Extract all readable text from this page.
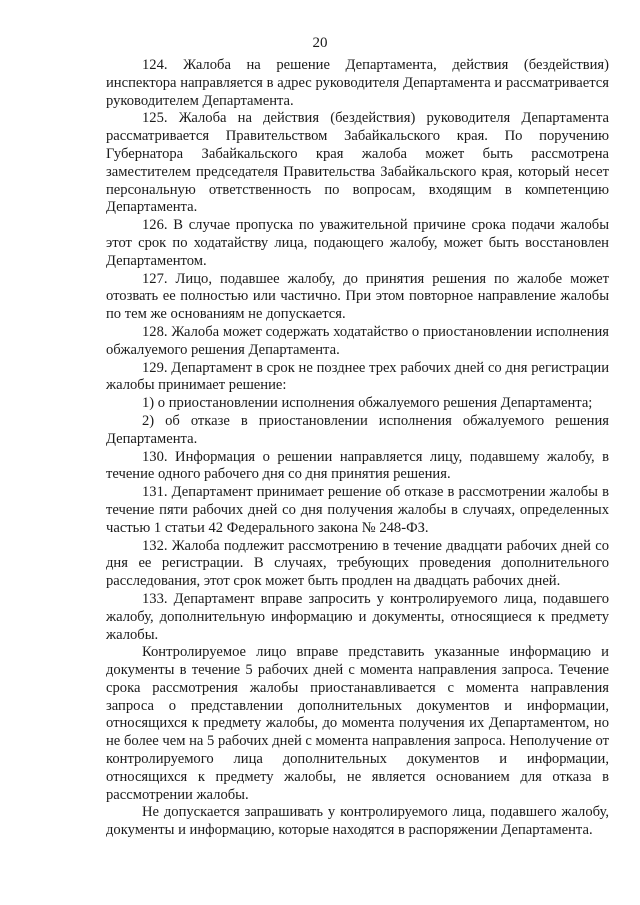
20

124. Жалоба на решение Департамента, действия (бездействия) инспектора направляется в адрес руководителя Департамента и рассматривается руководителем Департамента.

125. Жалоба на действия (бездействия) руководителя Департамента рассматривается Правительством Забайкальского края. По поручению Губернатора Забайкальского края жалоба может быть рассмотрена заместителем председателя Правительства Забайкальского края, который несет персональную ответственность по вопросам, входящим в компетенцию Департамента.

126. В случае пропуска по уважительной причине срока подачи жалобы этот срок по ходатайству лица, подающего жалобу, может быть восстановлен Департаментом.

127. Лицо, подавшее жалобу, до принятия решения по жалобе может отозвать ее полностью или частично. При этом повторное направление жалобы по тем же основаниям не допускается.

128. Жалоба может содержать ходатайство о приостановлении исполнения обжалуемого решения Департамента.

129. Департамент в срок не позднее трех рабочих дней со дня регистрации жалобы принимает решение:

1) о приостановлении исполнения обжалуемого решения Департамента;

2) об отказе в приостановлении исполнения обжалуемого решения Департамента.

130. Информация о решении направляется лицу, подавшему жалобу, в течение одного рабочего дня со дня принятия решения.

131. Департамент принимает решение об отказе в рассмотрении жалобы в течение пяти рабочих дней со дня получения жалобы в случаях, определенных частью 1 статьи 42 Федерального закона № 248-ФЗ.

132. Жалоба подлежит рассмотрению в течение двадцати рабочих дней со дня ее регистрации. В случаях, требующих проведения дополнительного расследования, этот срок может быть продлен на двадцать рабочих дней.

133. Департамент вправе запросить у контролируемого лица, подавшего жалобу, дополнительную информацию и документы, относящиеся к предмету жалобы.

Контролируемое лицо вправе представить указанные информацию и документы в течение 5 рабочих дней с момента направления запроса. Течение срока рассмотрения жалобы приостанавливается с момента направления запроса о представлении дополнительных документов и информации, относящихся к предмету жалобы, до момента получения их Департаментом, но не более чем на 5 рабочих дней с момента направления запроса. Неполучение от контролируемого лица дополнительных документов и информации, относящихся к предмету жалобы, не является основанием для отказа в рассмотрении жалобы.

Не допускается запрашивать у контролируемого лица, подавшего жалобу, документы и информацию, которые находятся в распоряжении Департамента.
